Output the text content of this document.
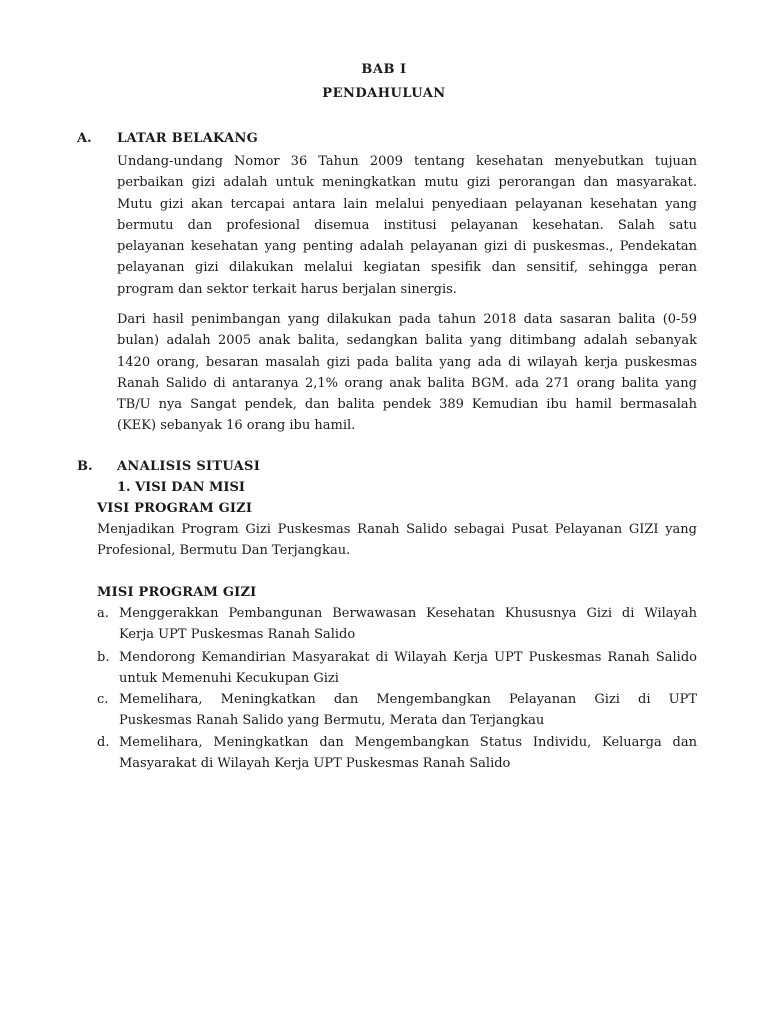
BAB I
PENDAHULUAN
A. LATAR BELAKANG
Undang-undang Nomor 36 Tahun 2009 tentang kesehatan menyebutkan tujuan
perbaikan gizi adalah untuk meningkatkan mutu gizi perorangan dan masyarakat.
Mutu gizi akan tercapai antara lain melalui penyediaan pelayanan kesehatan yang
bermutu dan profesional disemua institusi pelayanan kesehatan. Salah satu
pelayanan kesehatan yang penting adalah pelayanan gizi di puskesmas., Pendekatan
pelayanan gizi dilakukan melalui kegiatan spesifik dan sensitif, sehingga peran
program dan sektor terkait harus berjalan sinergis.
Dari hasil penimbangan yang dilakukan pada tahun 2018 data sasaran balita (0-59
bulan) adalah 2005 anak balita, sedangkan balita yang ditimbang adalah sebanyak
1420 orang, besaran masalah gizi pada balita yang ada di wilayah kerja puskesmas
Ranah Salido di antaranya 2,1% orang anak balita BGM. ada 271 orang balita yang
TB/U nya Sangat pendek, dan balita pendek 389 Kemudian ibu hamil bermasalah
(KEK) sebanyak 16 orang ibu hamil.
B. ANALISIS SITUASI
1. VISI DAN MISI
VISI PROGRAM GIZI
Menjadikan Program Gizi Puskesmas Ranah Salido sebagai Pusat Pelayanan GIZI yang
Profesional, Bermutu Dan Terjangkau.
MISI PROGRAM GIZI
a. Menggerakkan Pembangunan Berwawasan Kesehatan Khususnya Gizi di Wilayah
Kerja UPT Puskesmas Ranah Salido
b. Mendorong Kemandirian Masyarakat di Wilayah Kerja UPT Puskesmas Ranah Salido
untuk Memenuhi Kecukupan Gizi
c. Memelihara, Meningkatkan dan Mengembangkan Pelayanan Gizi di UPT
Puskesmas Ranah Salido yang Bermutu, Merata dan Terjangkau
d. Memelihara, Meningkatkan dan Mengembangkan Status Individu, Keluarga dan
Masyarakat di Wilayah Kerja UPT Puskesmas Ranah Salido
